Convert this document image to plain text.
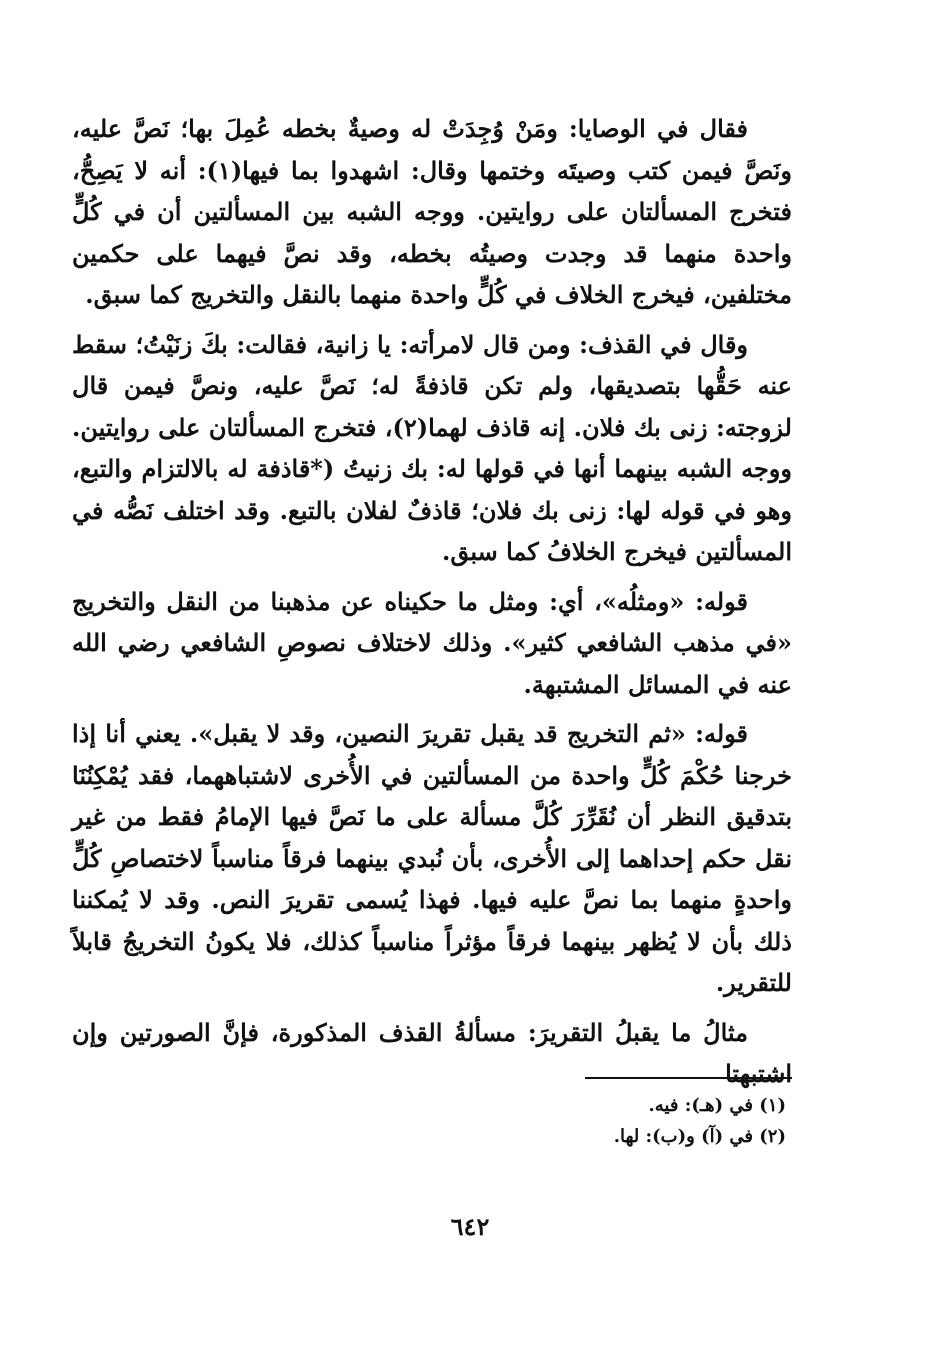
فقال في الوصايا: ومَنْ وُجِدَتْ له وصيةٌ بخطه عُمِلَ بها؛ نَصَّ عليه، ونَصَّ فيمن كتب وصيتَه وختمها وقال: اشهدوا بما فيها(١): أنه لا يَصِحُّ، فتخرج المسألتان على روايتين. ووجه الشبه بين المسألتين أن في كُلٍّ واحدة منهما قد وجدت وصيتُه بخطه، وقد نصَّ فيهما على حكمين مختلفين، فيخرج الخلاف في كُلٍّ واحدة منهما بالنقل والتخريج كما سبق.

وقال في القذف: ومن قال لامرأته: يا زانية، فقالت: بكَ زنَيْتُ؛ سقط عنه حَقُّها بتصديقها، ولم تكن قاذفةً له؛ نَصَّ عليه، ونصَّ فيمن قال لزوجته: زنى بك فلان. إنه قاذف لهما(٢)، فتخرج المسألتان على روايتين. ووجه الشبه بينهما أنها في قولها له: بك زنيتُ (*قاذفة له بالالتزام والتبع، وهو في قوله لها: زنى بك فلان؛ قاذفٌ لفلان بالتبع. وقد اختلف نَصُّه في المسألتين فيخرج الخلافُ كما سبق.

قوله: «ومثلُه»، أي: ومثل ما حكيناه عن مذهبنا من النقل والتخريج «في مذهب الشافعي كثير». وذلك لاختلاف نصوصِ الشافعي رضي الله عنه في المسائل المشتبهة.

قوله: «ثم التخريج قد يقبل تقريرَ النصين، وقد لا يقبل». يعني أنا إذا خرجنا حُكْمَ كُلٍّ واحدة من المسألتين في الأُخرى لاشتباههما، فقد يُمْكِنُنَا بتدقيق النظر أن نُقَرِّرَ كُلَّ مسألة على ما نَصَّ فيها الإمامُ فقط من غير نقل حكم إحداهما إلى الأُخرى، بأن نُبدي بينهما فرقاً مناسباً لاختصاصِ كُلٍّ واحدةٍ منهما بما نصَّ عليه فيها. فهذا يُسمى تقريرَ النص. وقد لا يُمكننا ذلك بأن لا يُظهر بينهما فرقاً مؤثراً مناسباً كذلك، فلا يكونُ التخريجُ قابلاً للتقرير.

مثالُ ما يقبلُ التقريرَ: مسألةُ القذف المذكورة، فإنَّ الصورتين وإن اشتبهتا

(١) في (هـ): فيه.

(٢) في (آ) و(ب): لها.

٦٤٢
